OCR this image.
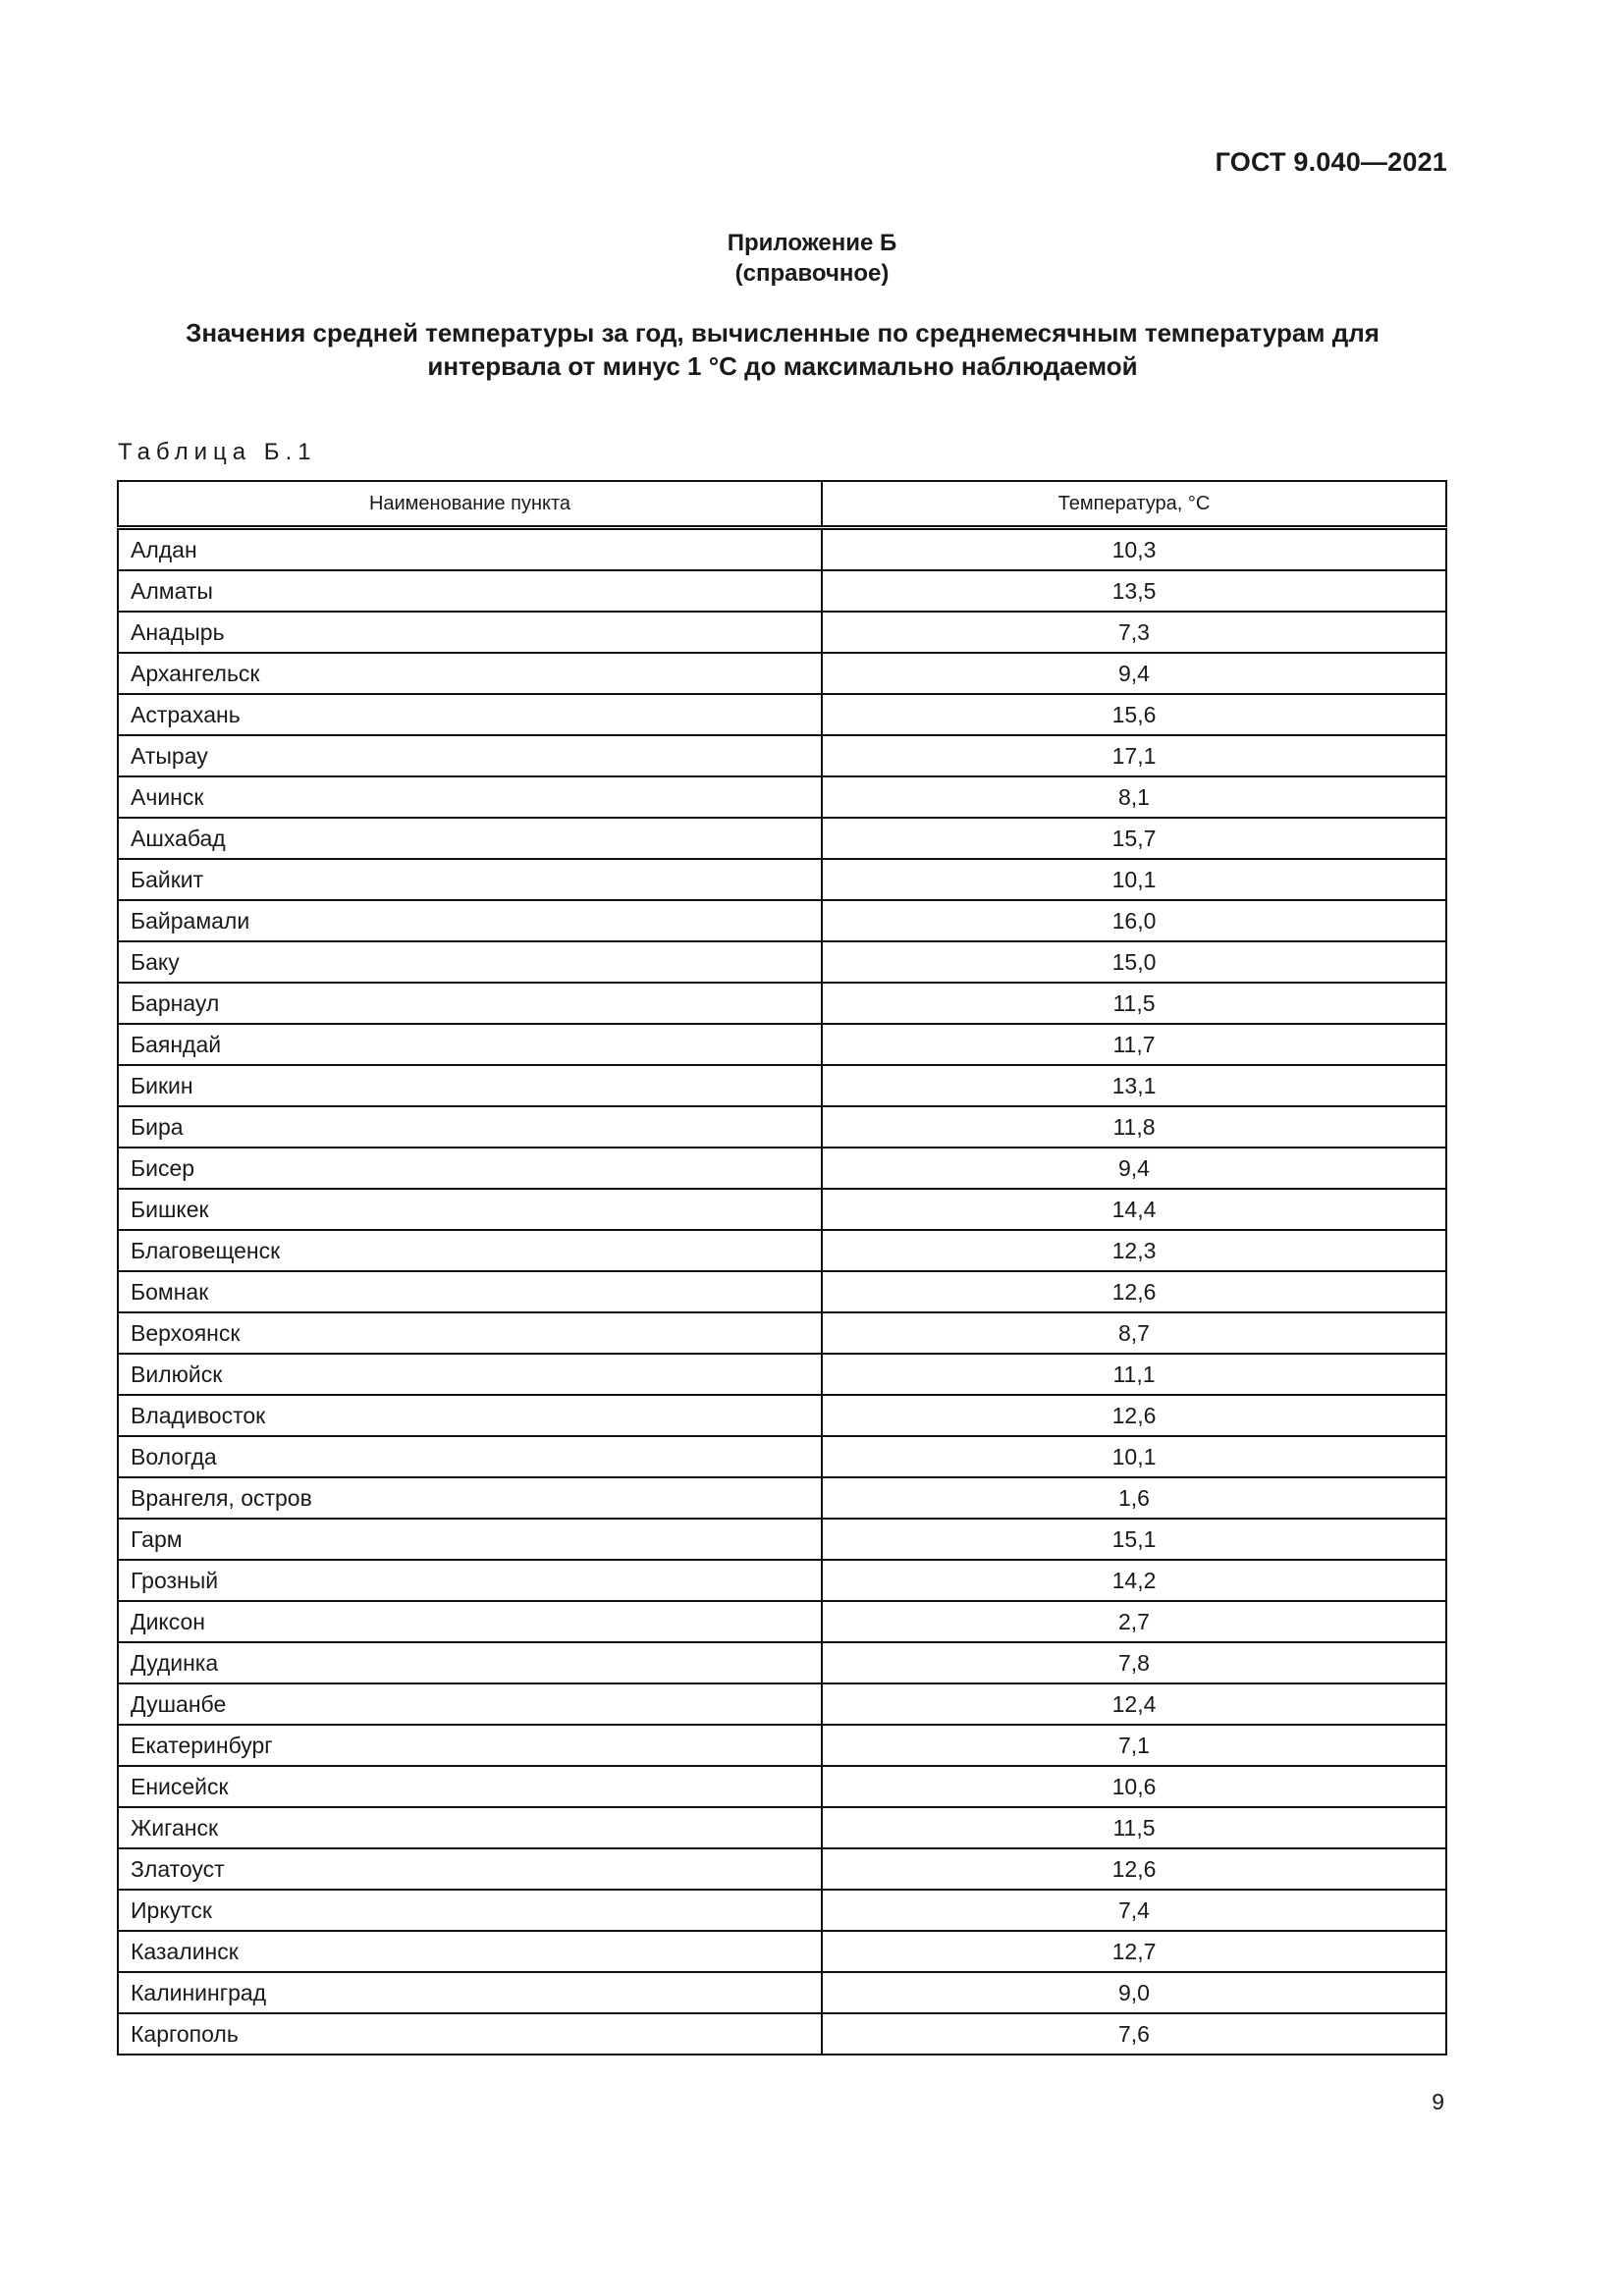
ГОСТ 9.040—2021
Приложение Б
(справочное)
Значения средней температуры за год, вычисленные по среднемесячным температурам для
интервала от минус 1 °С до максимально наблюдаемой
Таблица Б.1
Наименование пункта	Температура, °С
Алдан	10,3
Алматы	13,5
Анадырь	7,3
Архангельск	9,4
Астрахань	15,6
Атырау	17,1
Ачинск	8,1
Ашхабад	15,7
Байкит	10,1
Байрамали	16,0
Баку	15,0
Барнаул	11,5
Баяндай	11,7
Бикин	13,1
Бира	11,8
Бисер	9,4
Бишкек	14,4
Благовещенск	12,3
Бомнак	12,6
Верхоянск	8,7
Вилюйск	11,1
Владивосток	12,6
Вологда	10,1
Врангеля, остров	1,6
Гарм	15,1
Грозный	14,2
Диксон	2,7
Дудинка	7,8
Душанбе	12,4
Екатеринбург	7,1
Енисейск	10,6
Жиганск	11,5
Златоуст	12,6
Иркутск	7,4
Казалинск	12,7
Калининград	9,0
Каргополь	7,6
9
